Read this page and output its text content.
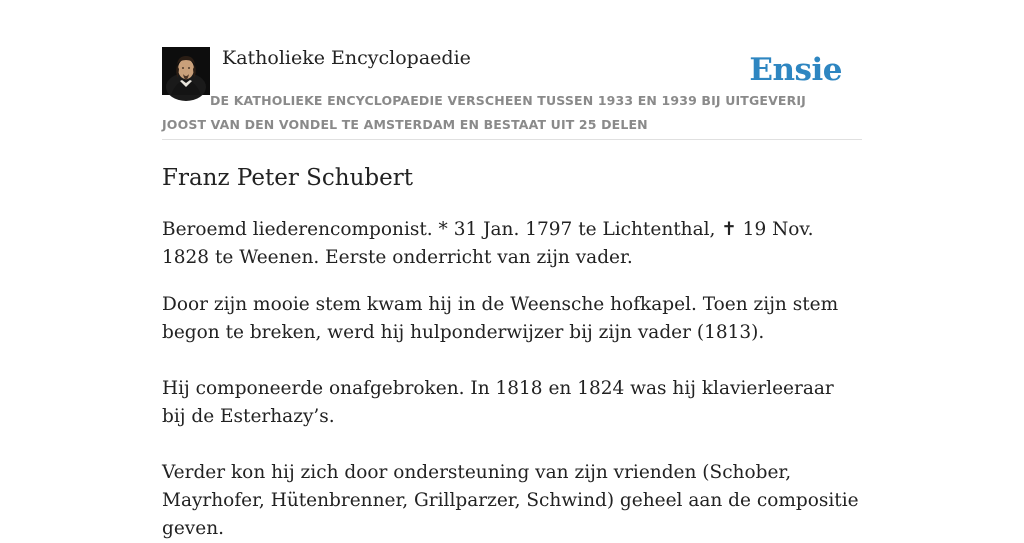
Katholieke Encyclopaedie	Ensie
DE KATHOLIEKE ENCYCLOPAEDIE VERSCHEEN TUSSEN 1933 EN 1939 BIJ UITGEVERIJ JOOST VAN DEN VONDEL TE AMSTERDAM EN BESTAAT UIT 25 DELEN
Franz Peter Schubert

Beroemd liederencomponist. * 31 Jan. 1797 te Lichtenthal, ✝ 19 Nov. 1828 te Weenen. Eerste onderricht van zijn vader.

Door zijn mooie stem kwam hij in de Weensche hofkapel. Toen zijn stem begon te breken, werd hij hulponderwijzer bij zijn vader (1813).

Hij componeerde onafgebroken. In 1818 en 1824 was hij klavierleeraar bij de Esterhazy’s.

Verder kon hij zich door ondersteuning van zijn vrienden (Schober, Mayrhofer, Hütenbrenner, Grillparzer, Schwind) geheel aan de compositie geven.
